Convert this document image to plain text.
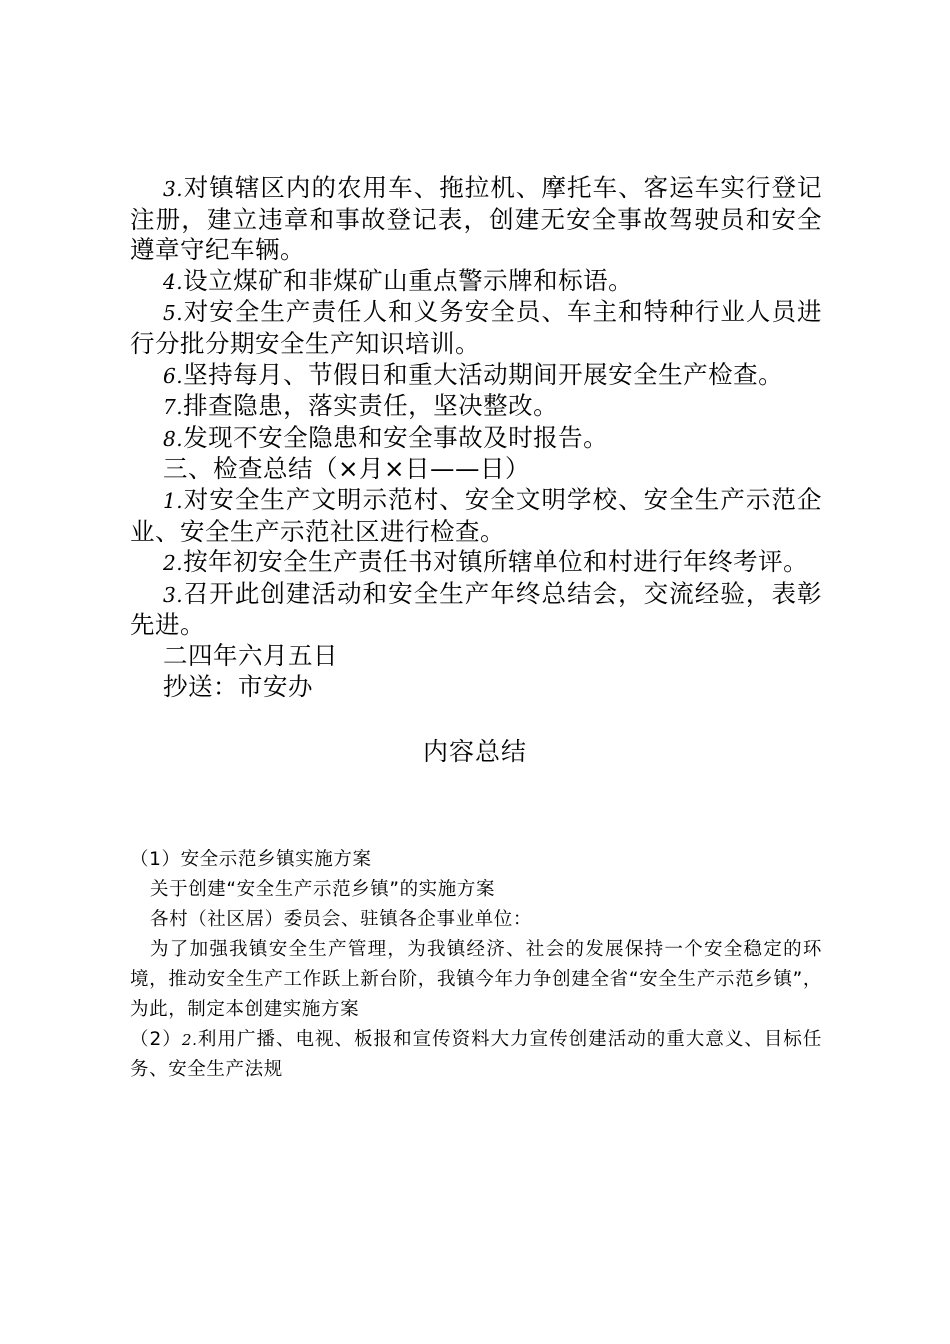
3.对镇辖区内的农用车、拖拉机、摩托车、客运车实行登记注册，建立违章和事故登记表，创建无安全事故驾驶员和安全遵章守纪车辆。

4.设立煤矿和非煤矿山重点警示牌和标语。

5.对安全生产责任人和义务安全员、车主和特种行业人员进行分批分期安全生产知识培训。

6.坚持每月、节假日和重大活动期间开展安全生产检查。

7.排查隐患，落实责任，坚决整改。

8.发现不安全隐患和安全事故及时报告。

三、检查总结（×月×日——日）

1.对安全生产文明示范村、安全文明学校、安全生产示范企业、安全生产示范社区进行检查。

2.按年初安全生产责任书对镇所辖单位和村进行年终考评。

3.召开此创建活动和安全生产年终总结会，交流经验，表彰先进。

二四年六月五日

抄送：市安办

内容总结

（1）安全示范乡镇实施方案

关于创建“安全生产示范乡镇”的实施方案

各村（社区居）委员会、驻镇各企事业单位：

为了加强我镇安全生产管理，为我镇经济、社会的发展保持一个安全稳定的环境，推动安全生产工作跃上新台阶，我镇今年力争创建全省“安全生产示范乡镇”，为此，制定本创建实施方案

（2）2.利用广播、电视、板报和宣传资料大力宣传创建活动的重大意义、目标任务、安全生产法规
